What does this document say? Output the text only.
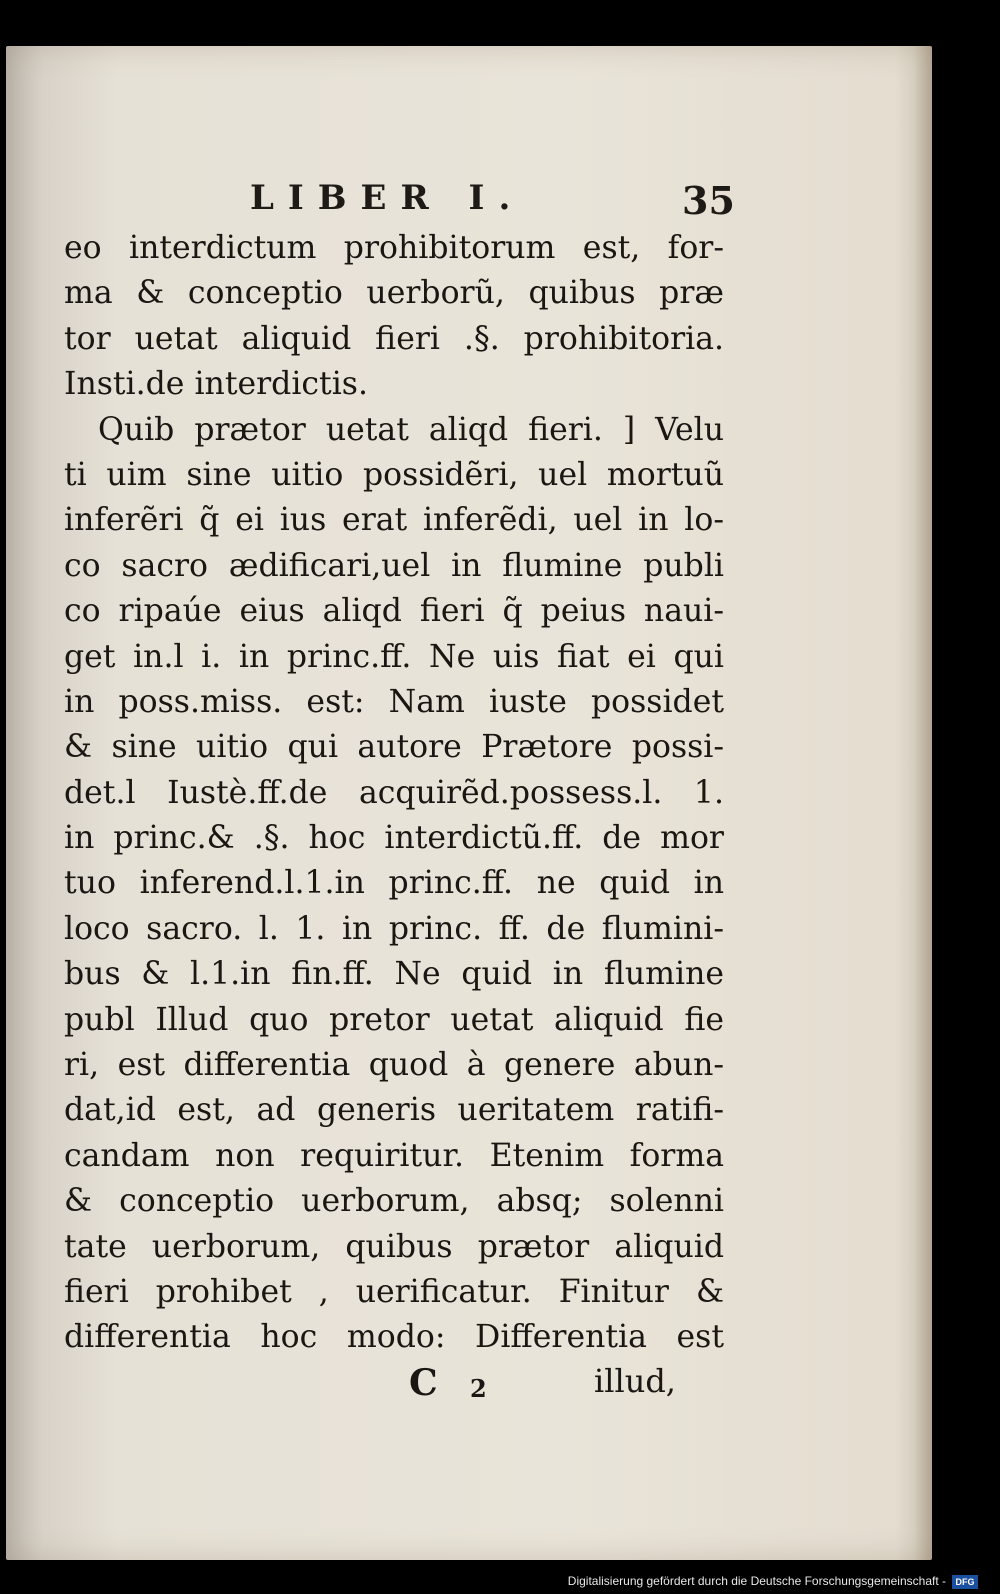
LIBER I.	35
eo interdictum prohibitorum est, for-
ma & conceptio uerborũ, quibus præ
tor uetat aliquid fieri .§. prohibitoria.
Insti.de interdictis.
Quib prætor uetat aliqd fieri. ] Velu
ti uim sine uitio possidẽri, uel mortuũ
inferẽri q̃ ei ius erat inferẽdi, uel in lo-
co sacro ædificari,uel in flumine publi
co ripaúe eius aliqd fieri q̃ peius naui-
get in.l i. in princ.ff. Ne uis fiat ei qui
in poss.miss. est: Nam iuste possidet
& sine uitio qui autore Prætore possi-
det.l Iustè.ff.de acquirẽd.possess.l. 1.
in princ.& .§. hoc interdictũ.ff. de mor
tuo inferend.l.1.in princ.ff. ne quid in
loco sacro. l. 1. in princ. ff. de flumini-
bus & l.1.in fin.ff. Ne quid in flumine
publ Illud quo pretor uetat aliquid fie
ri, est differentia quod à genere abun-
dat,id est, ad generis ueritatem ratifi-
candam non requiritur. Etenim forma
& conceptio uerborum, absq; solenni
tate uerborum, quibus prætor aliquid
fieri prohibet , uerificatur. Finitur &
differentia hoc modo: Differentia est
C 2	illud,
Digitalisierung gefördert durch die Deutsche Forschungsgemeinschaft -	DFG
